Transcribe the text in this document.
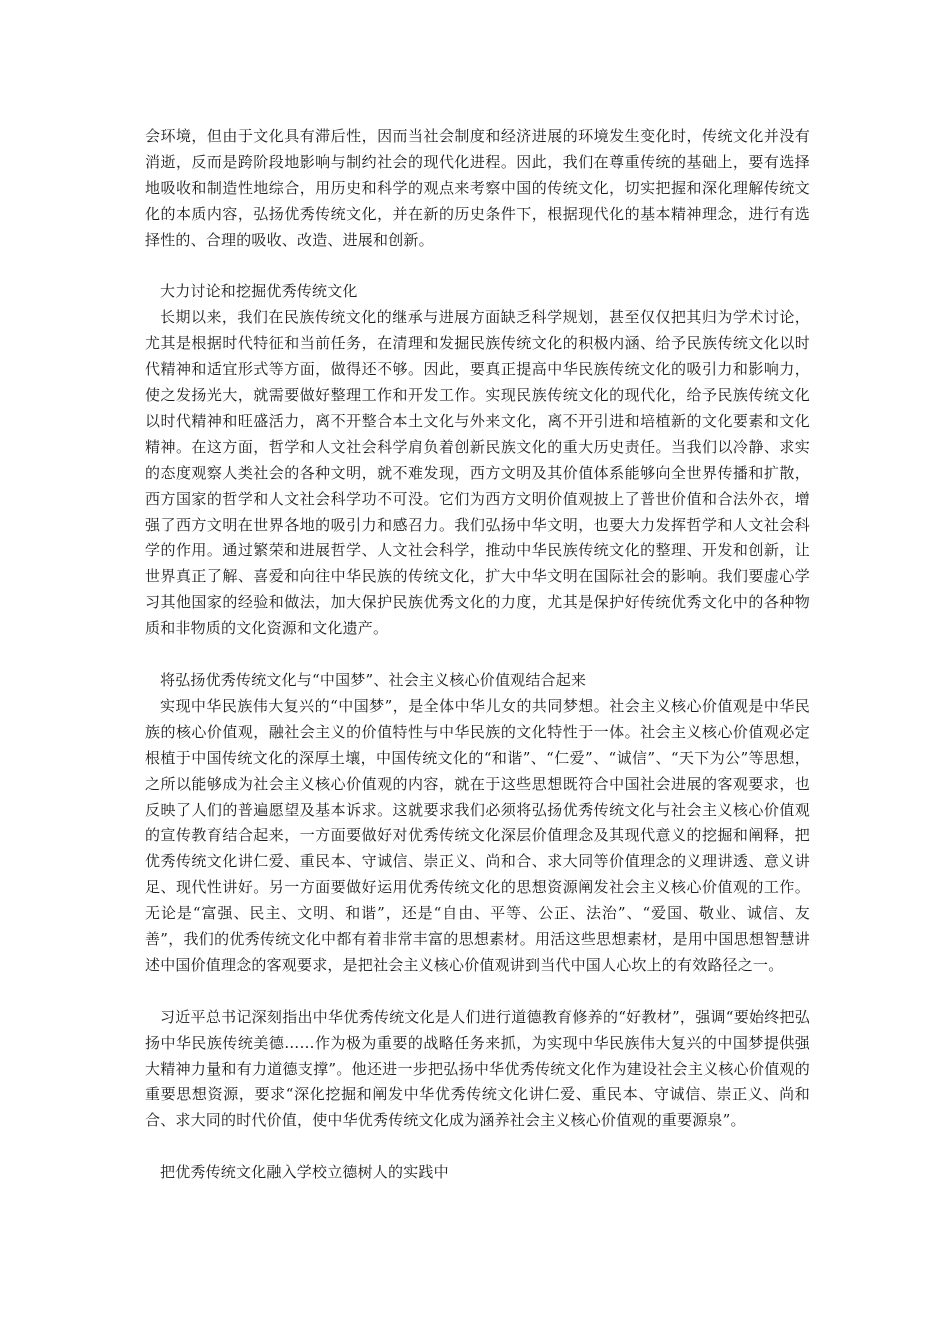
会环境，但由于文化具有滞后性，因而当社会制度和经济进展的环境发生变化时，传统文化并没有消逝，反而是跨阶段地影响与制约社会的现代化进程。因此，我们在尊重传统的基础上，要有选择地吸收和制造性地综合，用历史和科学的观点来考察中国的传统文化，切实把握和深化理解传统文化的本质内容，弘扬优秀传统文化，并在新的历史条件下，根据现代化的基本精神理念，进行有选择性的、合理的吸收、改造、进展和创新。

大力讨论和挖掘优秀传统文化

长期以来，我们在民族传统文化的继承与进展方面缺乏科学规划，甚至仅仅把其归为学术讨论，尤其是根据时代特征和当前任务，在清理和发掘民族传统文化的积极内涵、给予民族传统文化以时代精神和适宜形式等方面，做得还不够。因此，要真正提高中华民族传统文化的吸引力和影响力，使之发扬光大，就需要做好整理工作和开发工作。实现民族传统文化的现代化，给予民族传统文化以时代精神和旺盛活力，离不开整合本土文化与外来文化，离不开引进和培植新的文化要素和文化精神。在这方面，哲学和人文社会科学肩负着创新民族文化的重大历史责任。当我们以冷静、求实的态度观察人类社会的各种文明，就不难发现，西方文明及其价值体系能够向全世界传播和扩散，西方国家的哲学和人文社会科学功不可没。它们为西方文明价值观披上了普世价值和合法外衣，增强了西方文明在世界各地的吸引力和感召力。我们弘扬中华文明，也要大力发挥哲学和人文社会科学的作用。通过繁荣和进展哲学、人文社会科学，推动中华民族传统文化的整理、开发和创新，让世界真正了解、喜爱和向往中华民族的传统文化，扩大中华文明在国际社会的影响。我们要虚心学习其他国家的经验和做法，加大保护民族优秀文化的力度，尤其是保护好传统优秀文化中的各种物质和非物质的文化资源和文化遗产。

将弘扬优秀传统文化与“中国梦”、社会主义核心价值观结合起来

实现中华民族伟大复兴的“中国梦”，是全体中华儿女的共同梦想。社会主义核心价值观是中华民族的核心价值观，融社会主义的价值特性与中华民族的文化特性于一体。社会主义核心价值观必定根植于中国传统文化的深厚土壤，中国传统文化的“和谐”、“仁爱”、“诚信”、“天下为公”等思想，之所以能够成为社会主义核心价值观的内容，就在于这些思想既符合中国社会进展的客观要求，也反映了人们的普遍愿望及基本诉求。这就要求我们必须将弘扬优秀传统文化与社会主义核心价值观的宣传教育结合起来，一方面要做好对优秀传统文化深层价值理念及其现代意义的挖掘和阐释，把优秀传统文化讲仁爱、重民本、守诚信、崇正义、尚和合、求大同等价值理念的义理讲透、意义讲足、现代性讲好。另一方面要做好运用优秀传统文化的思想资源阐发社会主义核心价值观的工作。无论是“富强、民主、文明、和谐”，还是“自由、平等、公正、法治”、“爱国、敬业、诚信、友善”，我们的优秀传统文化中都有着非常丰富的思想素材。用活这些思想素材，是用中国思想智慧讲述中国价值理念的客观要求，是把社会主义核心价值观讲到当代中国人心坎上的有效路径之一。

习近平总书记深刻指出中华优秀传统文化是人们进行道德教育修养的“好教材”，强调“要始终把弘扬中华民族传统美德……作为极为重要的战略任务来抓，为实现中华民族伟大复兴的中国梦提供强大精神力量和有力道德支撑”。他还进一步把弘扬中华优秀传统文化作为建设社会主义核心价值观的重要思想资源，要求“深化挖掘和阐发中华优秀传统文化讲仁爱、重民本、守诚信、崇正义、尚和合、求大同的时代价值，使中华优秀传统文化成为涵养社会主义核心价值观的重要源泉”。

把优秀传统文化融入学校立德树人的实践中
